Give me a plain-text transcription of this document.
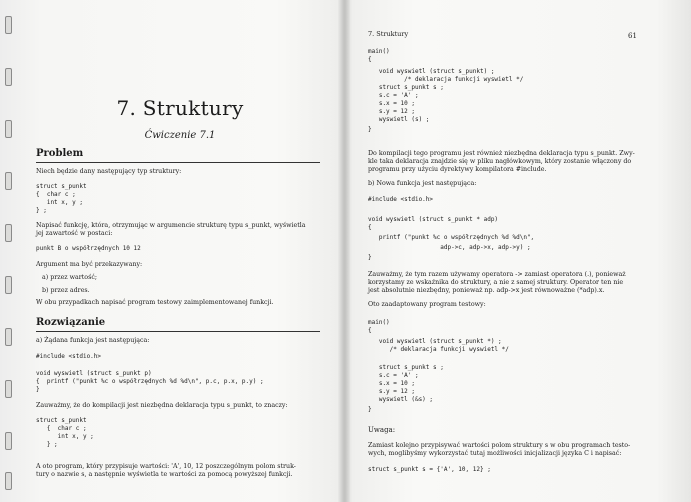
7. Struktury
Ćwiczenie 7.1
Problem
Niech będzie dany następujący typ struktury:
struct s_punkt
{  char c ;
int x, y ;
} ;
Napisać funkcję, która, otrzymując w argumencie strukturę typu s_punkt, wyświetla
jej zawartość w postaci:
punkt B o współrzędnych 10 12
Argument ma być przekazywany:
a) przez wartość;
b) przez adres.
W obu przypadkach napisać program testowy zaimplementowanej funkcji.
Rozwiązanie
a) Żądana funkcja jest następująca:
#include <stdio.h>
void wyswietl (struct s_punkt p)
{  printf ("punkt %c o współrzędnych %d %d\n", p.c, p.x, p.y) ;
}
Zauważmy, że do kompilacji jest niezbędna deklaracja typu s_punkt, to znaczy:
struct s_punkt
{  char c ;
int x, y ;
} ;
A oto program, który przypisuje wartości: 'A', 10, 12 poszczególnym polom struk-
tury o nazwie s, a następnie wyświetla te wartości za pomocą powyższej funkcji.
7. Struktury	61
main()
{
void wyswietl (struct s_punkt) ;
/* deklaracja funkcji wyswietl */
struct s_punkt s ;
s.c = 'A' ;
s.x = 10 ;
s.y = 12 ;
wyswietl (s) ;
}
Do kompilacji tego programu jest również niezbędna deklaracja typu s_punkt. Zwy-
kle taka deklaracja znajdzie się w pliku nagłówkowym, który zostanie włączony do
programu przy użyciu dyrektywy kompilatora #include.
b) Nowa funkcja jest następująca:
#include <stdio.h>
void wyswietl (struct s_punkt * adp)
{
printf ("punkt %c o współrzędnych %d %d\n",
adp->c, adp->x, adp->y) ;
}
Zauważmy, że tym razem używamy operatora -> zamiast operatora (.), ponieważ
korzystamy ze wskaźnika do struktury, a nie z samej struktury. Operator ten nie
jest absolutnie niezbędny, ponieważ np. adp->x jest równoważne (*adp).x.
Oto zaadaptowany program testowy:
main()
{
void wyswietl (struct s_punkt *) ;
/* deklaracja funkcji wyswietl */
struct s_punkt s ;
s.c = 'A' ;
s.x = 10 ;
s.y = 12 ;
wyswietl (&s) ;
}
Uwaga:
Zamiast kolejno przypisywać wartości polom struktury s w obu programach testo-
wych, moglibyśmy wykorzystać tutaj możliwości inicjalizacji języka C i napisać:
struct s_punkt s = {'A', 10, 12} ;
